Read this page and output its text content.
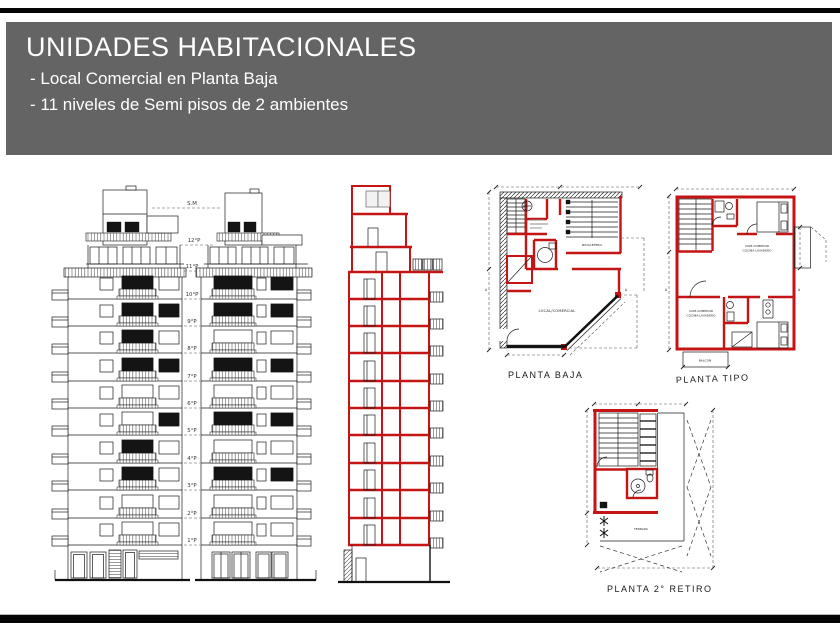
UNIDADES HABITACIONALES

- Local Comercial en Planta Baja

- 11 niveles de Semi pisos de 2 ambientes

S.M
12°P
11°P
10°P
9°P
8°P
7°P
6°P
5°P
4°P
3°P
2°P
1°P
A	A
BICICLETERO
LOCAL/COMERCIAL
PLANTA BAJA
A	A
COM-COMEDOR
COCINA-LAVADERO
COM-COMEDOR
COCINA-LAVADERO
BALCON
PLANTA TIPO
TERRAZA
PLANTA 2° RETIRO
